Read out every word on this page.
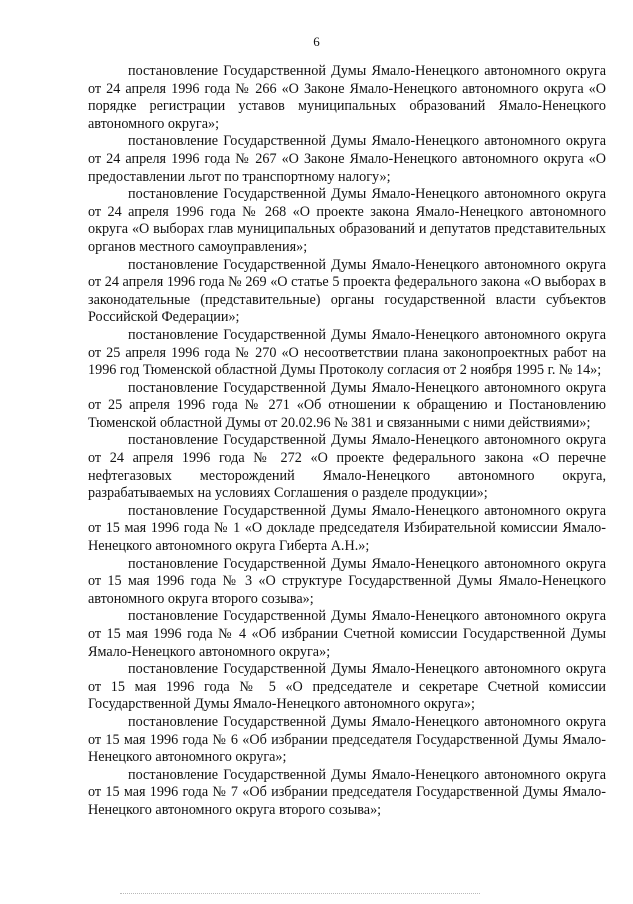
6

постановление Государственной Думы Ямало-Ненецкого автономного округа от 24 апреля 1996 года № 266 «О Законе Ямало-Ненецкого автономного округа «О порядке регистрации уставов муниципальных образований Ямало-Ненецкого автономного округа»;

постановление Государственной Думы Ямало-Ненецкого автономного округа от 24 апреля 1996 года № 267 «О Законе Ямало-Ненецкого автономного округа «О предоставлении льгот по транспортному налогу»;

постановление Государственной Думы Ямало-Ненецкого автономного округа от 24 апреля 1996 года № 268 «О проекте закона Ямало-Ненецкого автономного округа «О выборах глав муниципальных образований и депутатов представительных органов местного самоуправления»;

постановление Государственной Думы Ямало-Ненецкого автономного округа от 24 апреля 1996 года № 269 «О статье 5 проекта федерального закона «О выборах в законодательные (представительные) органы государственной власти субъектов Российской Федерации»;

постановление Государственной Думы Ямало-Ненецкого автономного округа от 25 апреля 1996 года № 270 «О несоответствии плана законопроектных работ на 1996 год Тюменской областной Думы Протоколу согласия от 2 ноября 1995 г. № 14»;

постановление Государственной Думы Ямало-Ненецкого автономного округа от 25 апреля 1996 года № 271 «Об отношении к обращению и Постановлению Тюменской областной Думы от 20.02.96 № 381 и связанными с ними действиями»;

постановление Государственной Думы Ямало-Ненецкого автономного округа от 24 апреля 1996 года № 272 «О проекте федерального закона «О перечне нефтегазовых месторождений Ямало-Ненецкого автономного округа, разрабатываемых на условиях Соглашения о разделе продукции»;

постановление Государственной Думы Ямало-Ненецкого автономного округа от 15 мая 1996 года № 1 «О докладе председателя Избирательной комиссии Ямало-Ненецкого автономного округа Гиберта А.Н.»;

постановление Государственной Думы Ямало-Ненецкого автономного округа от 15 мая 1996 года № 3 «О структуре Государственной Думы Ямало-Ненецкого автономного округа второго созыва»;

постановление Государственной Думы Ямало-Ненецкого автономного округа от 15 мая 1996 года № 4 «Об избрании Счетной комиссии Государственной Думы Ямало-Ненецкого автономного округа»;

постановление Государственной Думы Ямало-Ненецкого автономного округа от 15 мая 1996 года № 5 «О председателе и секретаре Счетной комиссии Государственной Думы Ямало-Ненецкого автономного округа»;

постановление Государственной Думы Ямало-Ненецкого автономного округа от 15 мая 1996 года № 6 «Об избрании председателя Государственной Думы Ямало-Ненецкого автономного округа»;

постановление Государственной Думы Ямало-Ненецкого автономного округа от 15 мая 1996 года № 7 «Об избрании председателя Государственной Думы Ямало-Ненецкого автономного округа второго созыва»;
